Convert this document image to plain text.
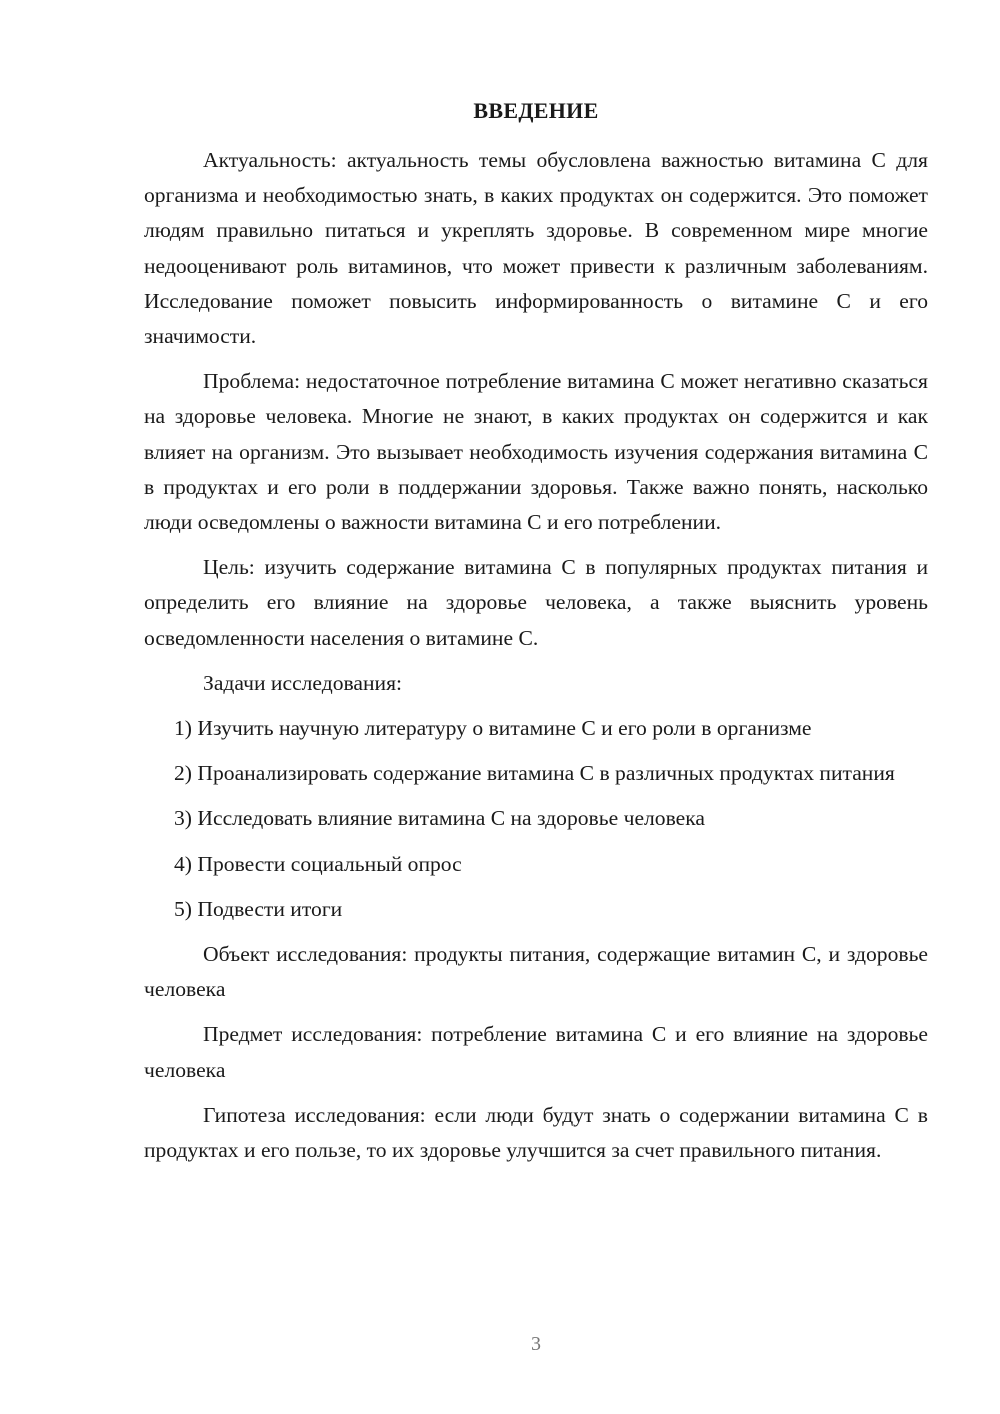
ВВЕДЕНИЕ

Актуальность: актуальность темы обусловлена важностью витамина С для организма и необходимостью знать, в каких продуктах он содержится. Это поможет людям правильно питаться и укреплять здоровье. В современном мире многие недооценивают роль витаминов, что может привести к различным заболеваниям. Исследование поможет повысить информированность о витамине С и его значимости.

Проблема: недостаточное потребление витамина С может негативно сказаться на здоровье человека. Многие не знают, в каких продуктах он содержится и как влияет на организм. Это вызывает необходимость изучения содержания витамина С в продуктах и его роли в поддержании здоровья. Также важно понять, насколько люди осведомлены о важности витамина С и его потреблении.

Цель: изучить содержание витамина С в популярных продуктах питания и определить его влияние на здоровье человека, а также выяснить уровень осведомленности населения о витамине С.

Задачи исследования:

1) Изучить научную литературу о витамине С и его роли в организме

2) Проанализировать содержание витамина С в различных продуктах питания

3) Исследовать влияние витамина С на здоровье человека

4) Провести социальный опрос

5) Подвести итоги

Объект исследования: продукты питания, содержащие витамин С, и здоровье человека

Предмет исследования: потребление витамина С и его влияние на здоровье человека

Гипотеза исследования: если люди будут знать о содержании витамина С в продуктах и его пользе, то их здоровье улучшится за счет правильного питания.

3
